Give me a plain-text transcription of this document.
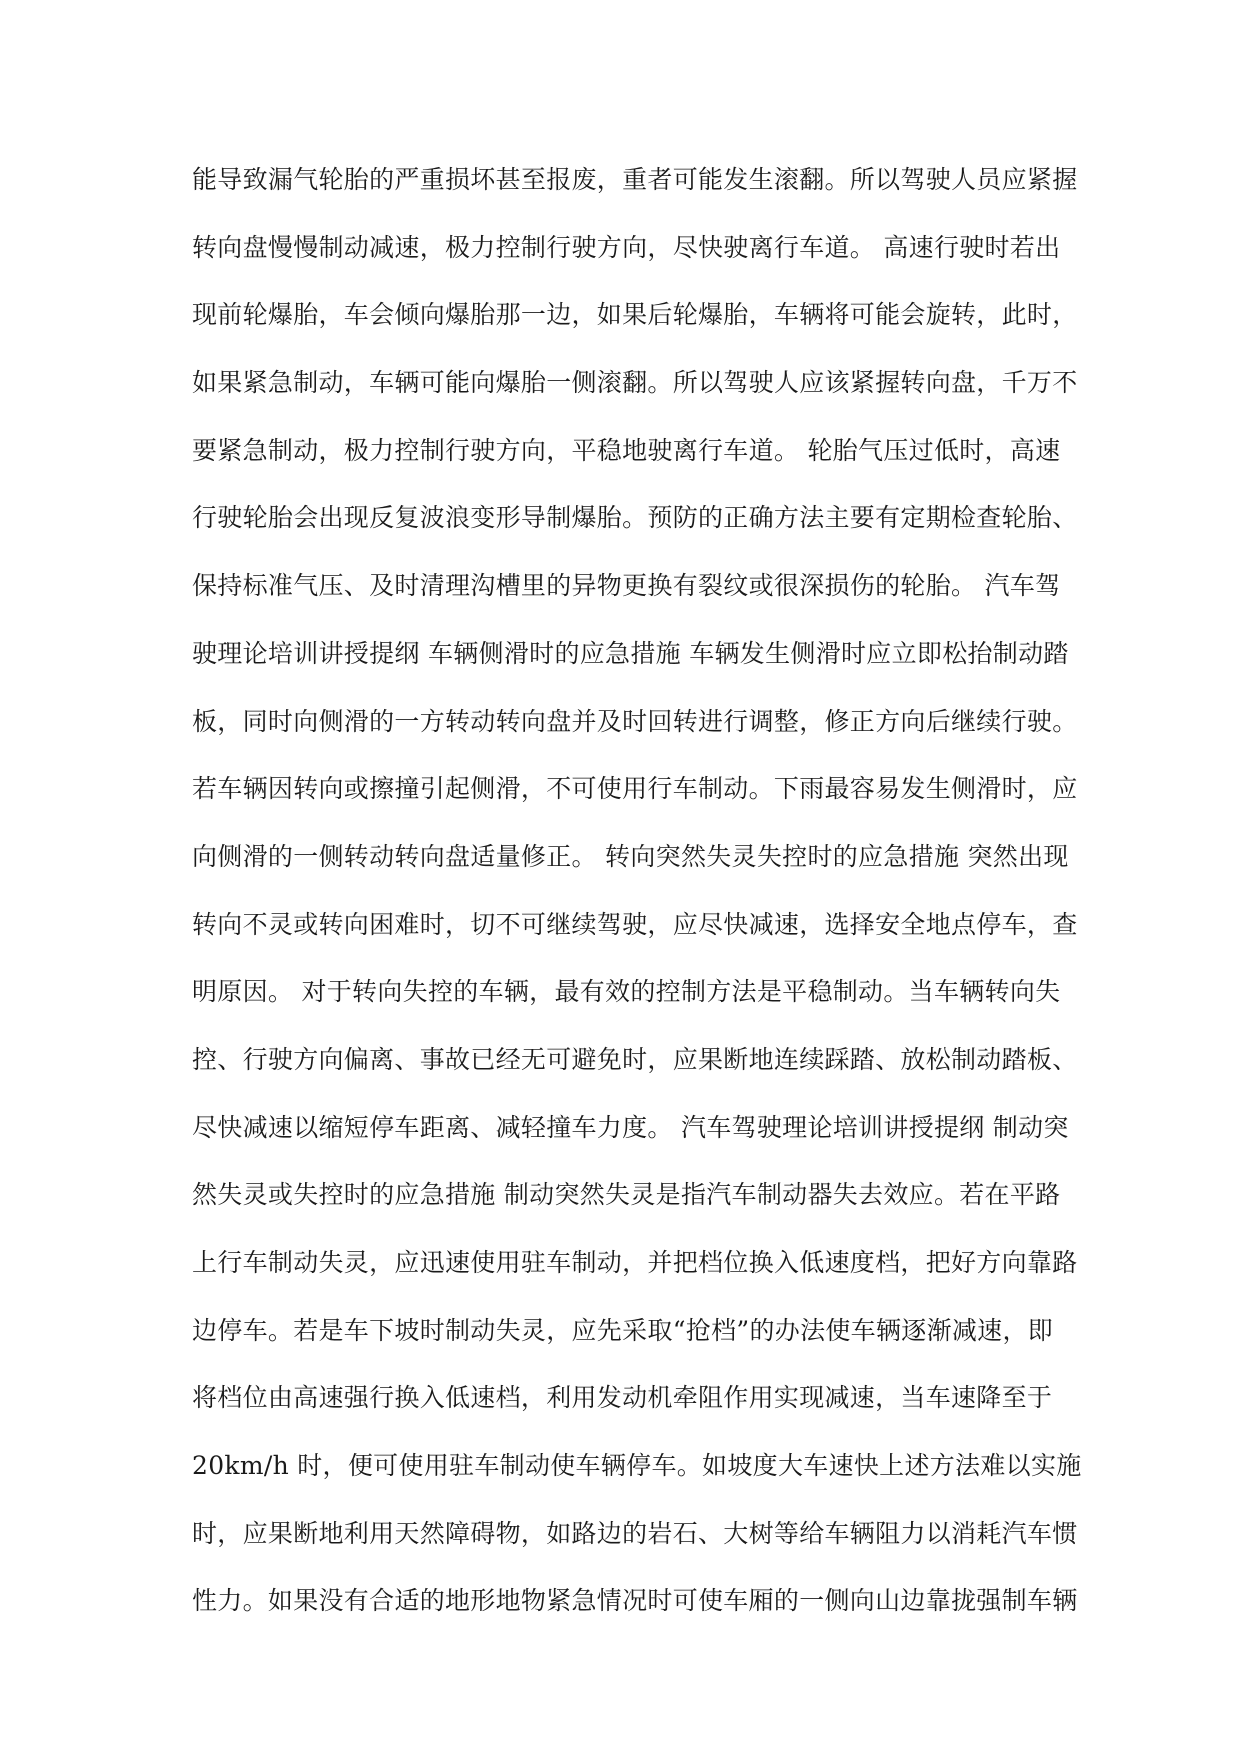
能导致漏气轮胎的严重损坏甚至报废，重者可能发生滚翻。所以驾驶人员应紧握
转向盘慢慢制动减速，极力控制行驶方向，尽快驶离行车道。 高速行驶时若出
现前轮爆胎，车会倾向爆胎那一边，如果后轮爆胎，车辆将可能会旋转，此时，
如果紧急制动，车辆可能向爆胎一侧滚翻。所以驾驶人应该紧握转向盘，千万不
要紧急制动，极力控制行驶方向，平稳地驶离行车道。 轮胎气压过低时，高速
行驶轮胎会出现反复波浪变形导制爆胎。预防的正确方法主要有定期检查轮胎、
保持标准气压、及时清理沟槽里的异物更换有裂纹或很深损伤的轮胎。 汽车驾
驶理论培训讲授提纲 车辆侧滑时的应急措施 车辆发生侧滑时应立即松抬制动踏
板，同时向侧滑的一方转动转向盘并及时回转进行调整，修正方向后继续行驶。
若车辆因转向或擦撞引起侧滑，不可使用行车制动。下雨最容易发生侧滑时，应
向侧滑的一侧转动转向盘适量修正。 转向突然失灵失控时的应急措施 突然出现
转向不灵或转向困难时，切不可继续驾驶，应尽快减速，选择安全地点停车，查
明原因。 对于转向失控的车辆，最有效的控制方法是平稳制动。当车辆转向失
控、行驶方向偏离、事故已经无可避免时，应果断地连续踩踏、放松制动踏板、
尽快减速以缩短停车距离、减轻撞车力度。 汽车驾驶理论培训讲授提纲 制动突
然失灵或失控时的应急措施 制动突然失灵是指汽车制动器失去效应。若在平路
上行车制动失灵，应迅速使用驻车制动，并把档位换入低速度档，把好方向靠路
边停车。若是车下坡时制动失灵，应先采取“抢档”的办法使车辆逐渐减速，即
将档位由高速强行换入低速档，利用发动机牵阻作用实现减速，当车速降至于
20km/h 时，便可使用驻车制动使车辆停车。如坡度大车速快上述方法难以实施
时，应果断地利用天然障碍物，如路边的岩石、大树等给车辆阻力以消耗汽车惯
性力。如果没有合适的地形地物紧急情况时可使车厢的一侧向山边靠拢强制车辆
